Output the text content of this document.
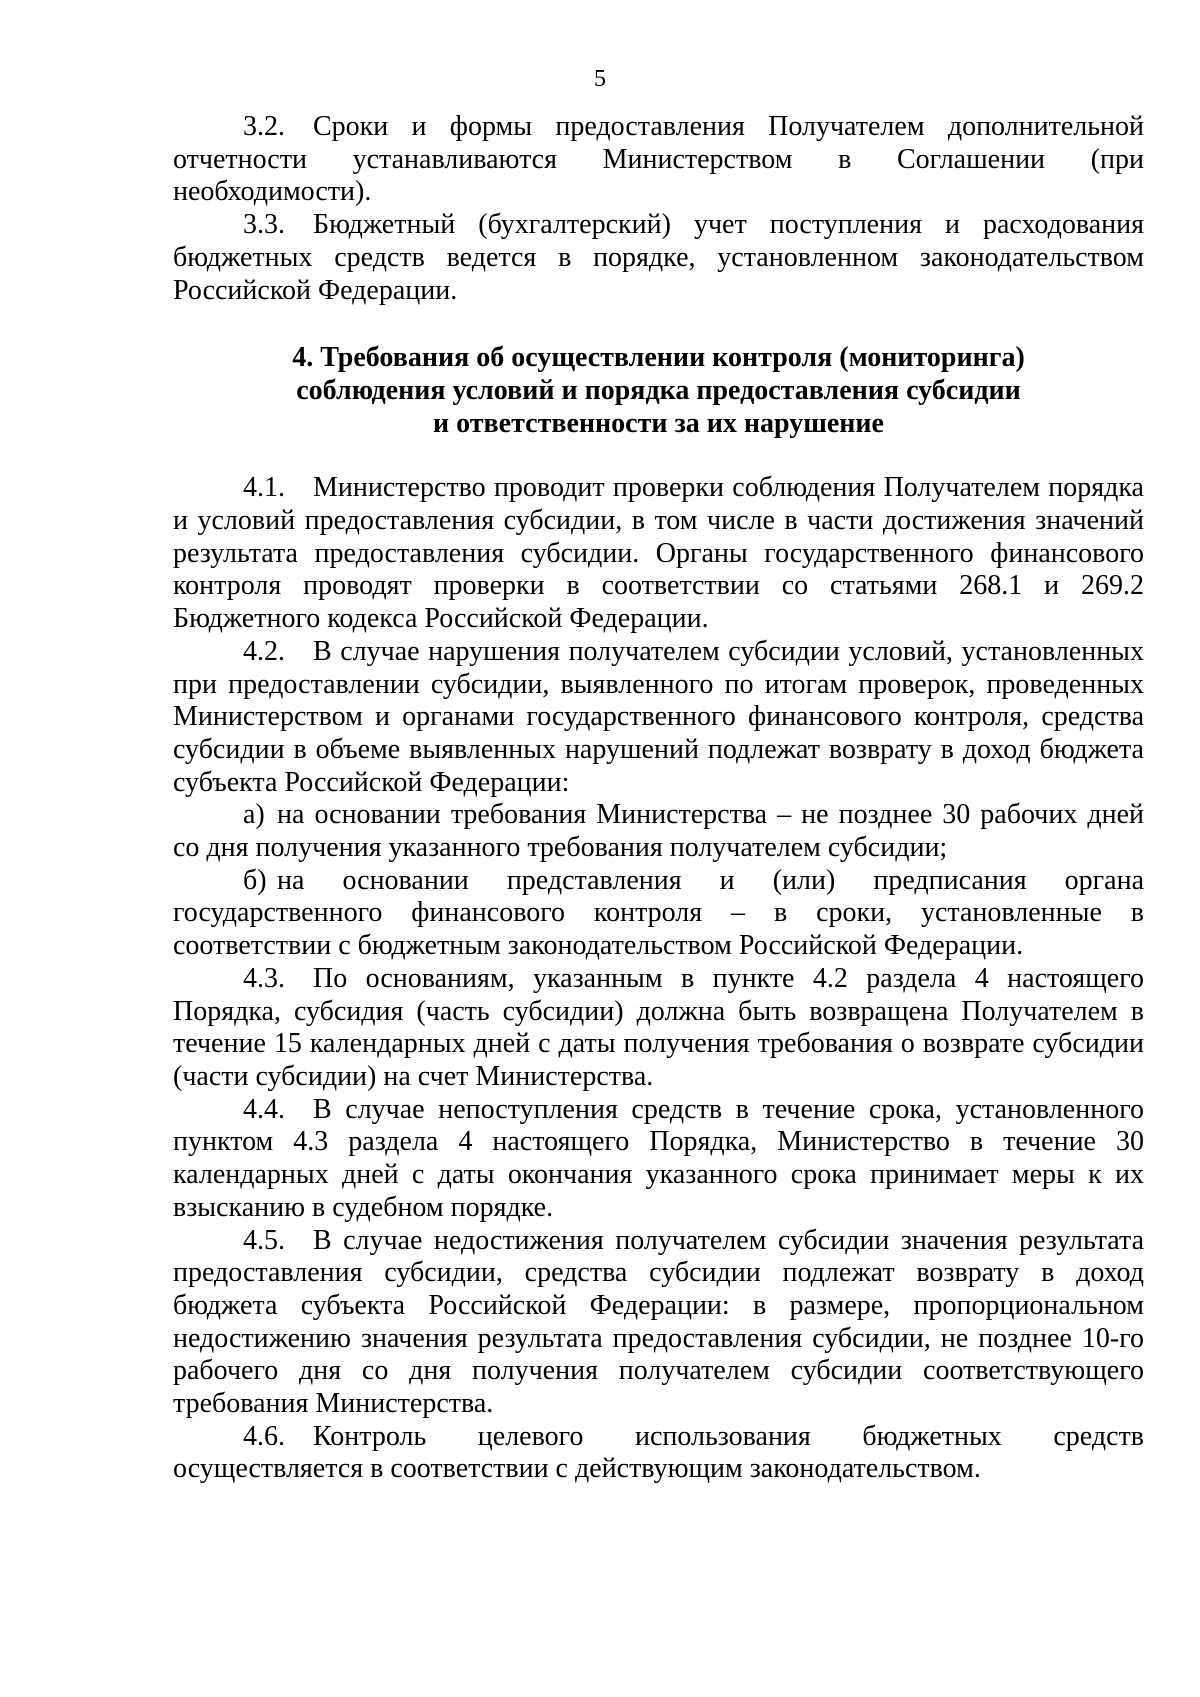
5

3.2. Сроки и формы предоставления Получателем дополнительной отчетности устанавливаются Министерством в Соглашении (при необходимости).

3.3. Бюджетный (бухгалтерский) учет поступления и расходования бюджетных средств ведется в порядке, установленном законодательством Российской Федерации.

4. Требования об осуществлении контроля (мониторинга)
соблюдения условий и порядка предоставления субсидии
и ответственности за их нарушение

4.1. Министерство проводит проверки соблюдения Получателем порядка и условий предоставления субсидии, в том числе в части достижения значений результата предоставления субсидии. Органы государственного финансового контроля проводят проверки в соответствии со статьями 268.1 и 269.2 Бюджетного кодекса Российской Федерации.

4.2. В случае нарушения получателем субсидии условий, установленных при предоставлении субсидии, выявленного по итогам проверок, проведенных Министерством и органами государственного финансового контроля, средства субсидии в объеме выявленных нарушений подлежат возврату в доход бюджета субъекта Российской Федерации:

а) на основании требования Министерства – не позднее 30 рабочих дней со дня получения указанного требования получателем субсидии;

б) на основании представления и (или) предписания органа государственного финансового контроля – в сроки, установленные в соответствии с бюджетным законодательством Российской Федерации.

4.3. По основаниям, указанным в пункте 4.2 раздела 4 настоящего Порядка, субсидия (часть субсидии) должна быть возвращена Получателем в течение 15 календарных дней с даты получения требования о возврате субсидии (части субсидии) на счет Министерства.

4.4. В случае непоступления средств в течение срока, установленного пунктом 4.3 раздела 4 настоящего Порядка, Министерство в течение 30 календарных дней с даты окончания указанного срока принимает меры к их взысканию в судебном порядке.

4.5. В случае недостижения получателем субсидии значения результата предоставления субсидии, средства субсидии подлежат возврату в доход бюджета субъекта Российской Федерации: в размере, пропорциональном недостижению значения результата предоставления субсидии, не позднее 10-го рабочего дня со дня получения получателем субсидии соответствующего требования Министерства.

4.6. Контроль целевого использования бюджетных средств осуществляется в соответствии с действующим законодательством.
